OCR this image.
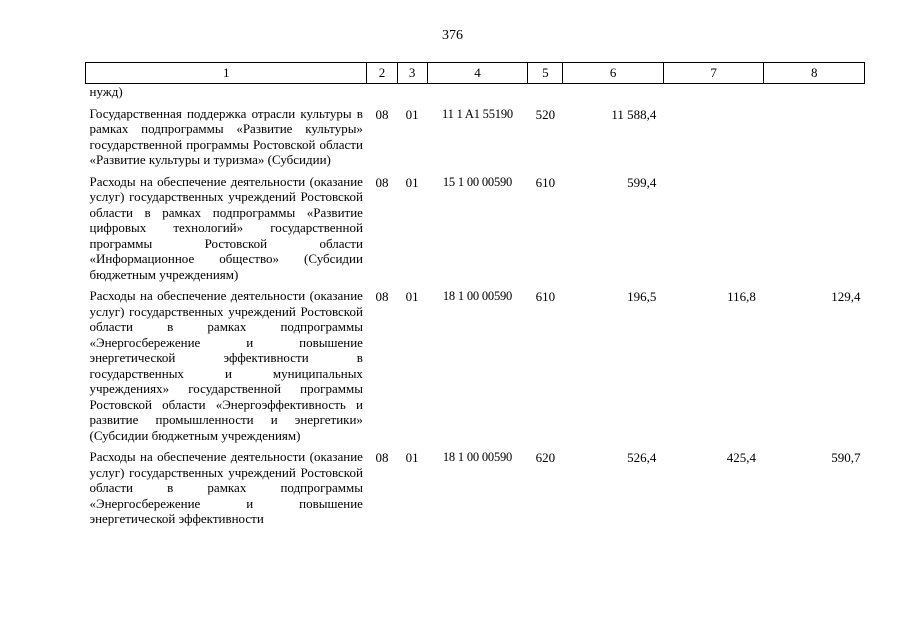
376
1	2	3	4	5	6	7	8
нужд)							

Государственная поддержка отрасли культуры в рамках подпрограммы «Развитие культуры» государственной программы Ростовской области «Развитие культуры и туризма» (Субсидии)	08	01	11 1 A1 55190	520	11 588,4		

Расходы на обеспечение деятельности (оказание услуг) государственных учреждений Ростовской области в рамках подпрограммы «Развитие цифровых технологий» государственной программы Ростовской области «Информационное общество» (Субсидии бюджетным учреждениям)	08	01	15 1 00 00590	610	599,4		

Расходы на обеспечение деятельности (оказание услуг) государственных учреждений Ростовской области в рамках подпрограммы «Энергосбережение и повышение энергетической эффективности в государственных и муниципальных учреждениях» государственной программы Ростовской области «Энергоэффективность и развитие промышленности и энергетики» (Субсидии бюджетным учреждениям)	08	01	18 1 00 00590	610	196,5	116,8	129,4

Расходы на обеспечение деятельности (оказание услуг) государственных учреждений Ростовской области в рамках подпрограммы «Энергосбережение и повышение энергетической эффективности	08	01	18 1 00 00590	620	526,4	425,4	590,7
